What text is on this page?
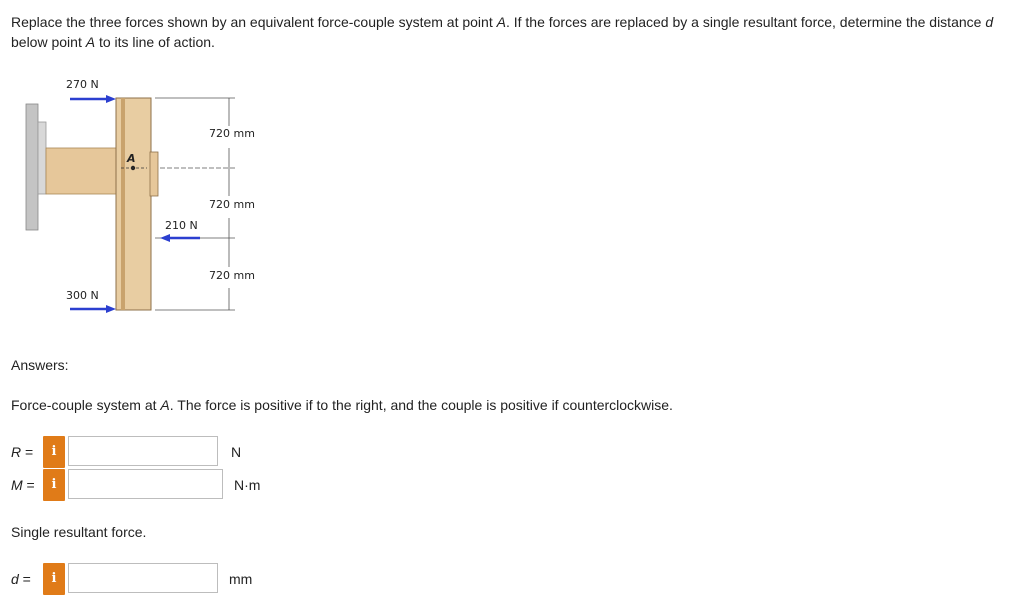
Replace the three forces shown by an equivalent force-couple system at point A. If the forces are replaced by a single resultant force, determine the distance d below point A to its line of action.

A
720 mm
720 mm
720 mm
270 N
210 N
300 N

Answers:

Force-couple system at A. The force is positive if to the right, and the couple is positive if counterclockwise.

R =	i	N
M =	i	N·m

Single resultant force.

d =	i	mm
